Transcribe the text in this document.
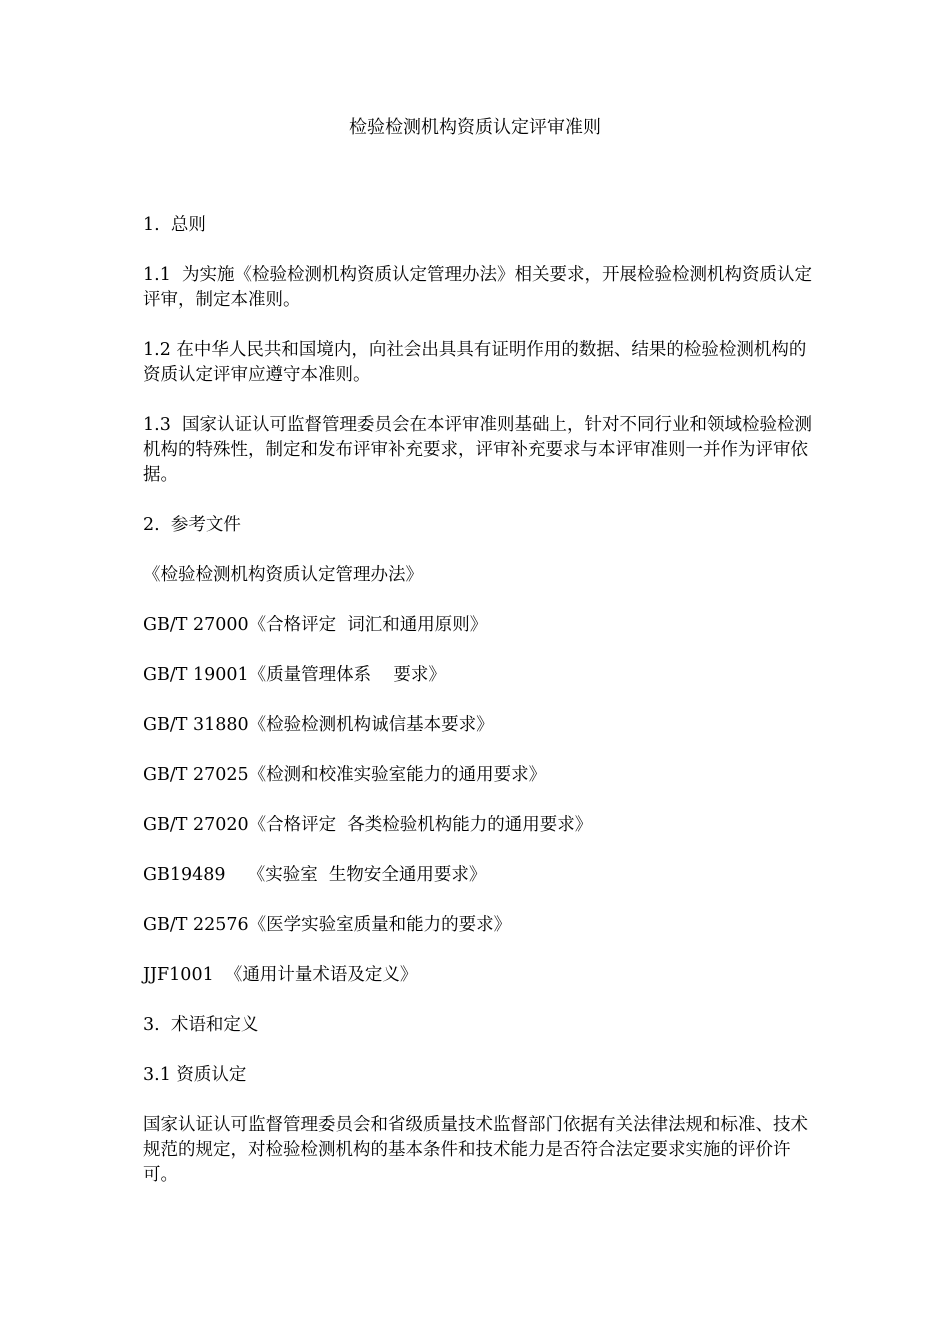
检验检测机构资质认定评审准则

1.  总则

1.1  为实施《检验检测机构资质认定管理办法》相关要求，开展检验检测机构资质认定评审，制定本准则。

1.2 在中华人民共和国境内，向社会出具具有证明作用的数据、结果的检验检测机构的资质认定评审应遵守本准则。

1.3  国家认证认可监督管理委员会在本评审准则基础上，针对不同行业和领域检验检测机构的特殊性，制定和发布评审补充要求，评审补充要求与本评审准则一并作为评审依据。

2.  参考文件

《检验检测机构资质认定管理办法》

GB/T 27000《合格评定  词汇和通用原则》

GB/T 19001《质量管理体系    要求》

GB/T 31880《检验检测机构诚信基本要求》

GB/T 27025《检测和校准实验室能力的通用要求》

GB/T 27020《合格评定  各类检验机构能力的通用要求》

GB19489    《实验室  生物安全通用要求》

GB/T 22576《医学实验室质量和能力的要求》

JJF1001  《通用计量术语及定义》

3.  术语和定义

3.1 资质认定

国家认证认可监督管理委员会和省级质量技术监督部门依据有关法律法规和标准、技术规范的规定，对检验检测机构的基本条件和技术能力是否符合法定要求实施的评价许可。
